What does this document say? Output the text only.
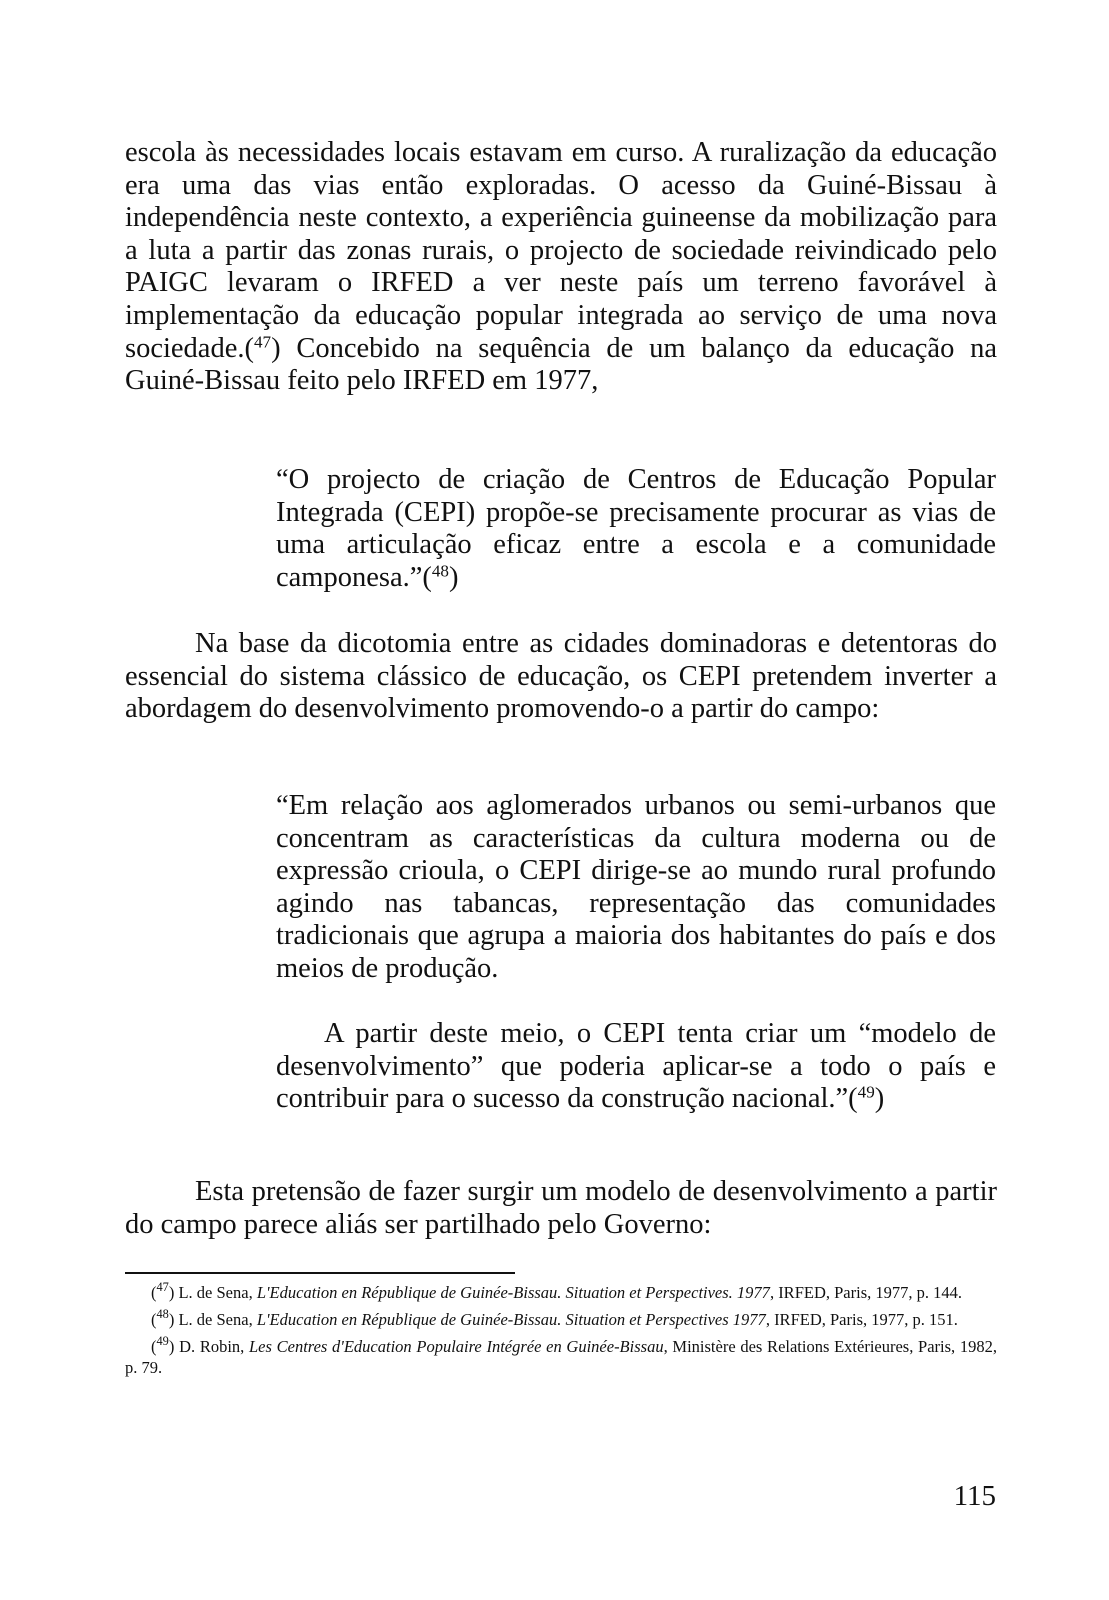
escola às necessidades locais estavam em curso. A ruralização da educação era uma das vias então exploradas. O acesso da Guiné-Bissau à independência neste contexto, a experiência guineense da mobilização para a luta a partir das zonas rurais, o projecto de sociedade reivindicado pelo PAIGC levaram o IRFED a ver neste país um terreno favorável à implementação da educação popular integrada ao serviço de uma nova sociedade.($^{47}$) Concebido na sequência de um balanço da educação na Guiné-Bissau feito pelo IRFED em 1977,

“O projecto de criação de Centros de Educação Popular Integrada (CEPI) propõe-se precisamente procurar as vias de uma articulação eficaz entre a escola e a comunidade camponesa.”($^{48}$)

Na base da dicotomia entre as cidades dominadoras e detentoras do essencial do sistema clássico de educação, os CEPI pretendem inverter a abordagem do desenvolvimento promovendo-o a partir do campo:

“Em relação aos aglomerados urbanos ou semi-urbanos que concentram as características da cultura moderna ou de expressão crioula, o CEPI dirige-se ao mundo rural profundo agindo nas tabancas, representação das comunidades tradicionais que agrupa a maioria dos habitantes do país e dos meios de produção.

A partir deste meio, o CEPI tenta criar um “modelo de desenvolvimento” que poderia aplicar-se a todo o país e contribuir para o sucesso da construção nacional.”($^{49}$)

Esta pretensão de fazer surgir um modelo de desenvolvimento a partir do campo parece aliás ser partilhado pelo Governo:

($^{47}$) L. de Sena, L'Education en République de Guinée-Bissau. Situation et Perspectives. 1977, IRFED, Paris, 1977, p. 144.

($^{48}$) L. de Sena, L'Education en République de Guinée-Bissau. Situation et Perspectives 1977, IRFED, Paris, 1977, p. 151.

($^{49}$) D. Robin, Les Centres d'Education Populaire Intégrée en Guinée-Bissau, Ministère des Relations Extérieures, Paris, 1982, p. 79.

115
